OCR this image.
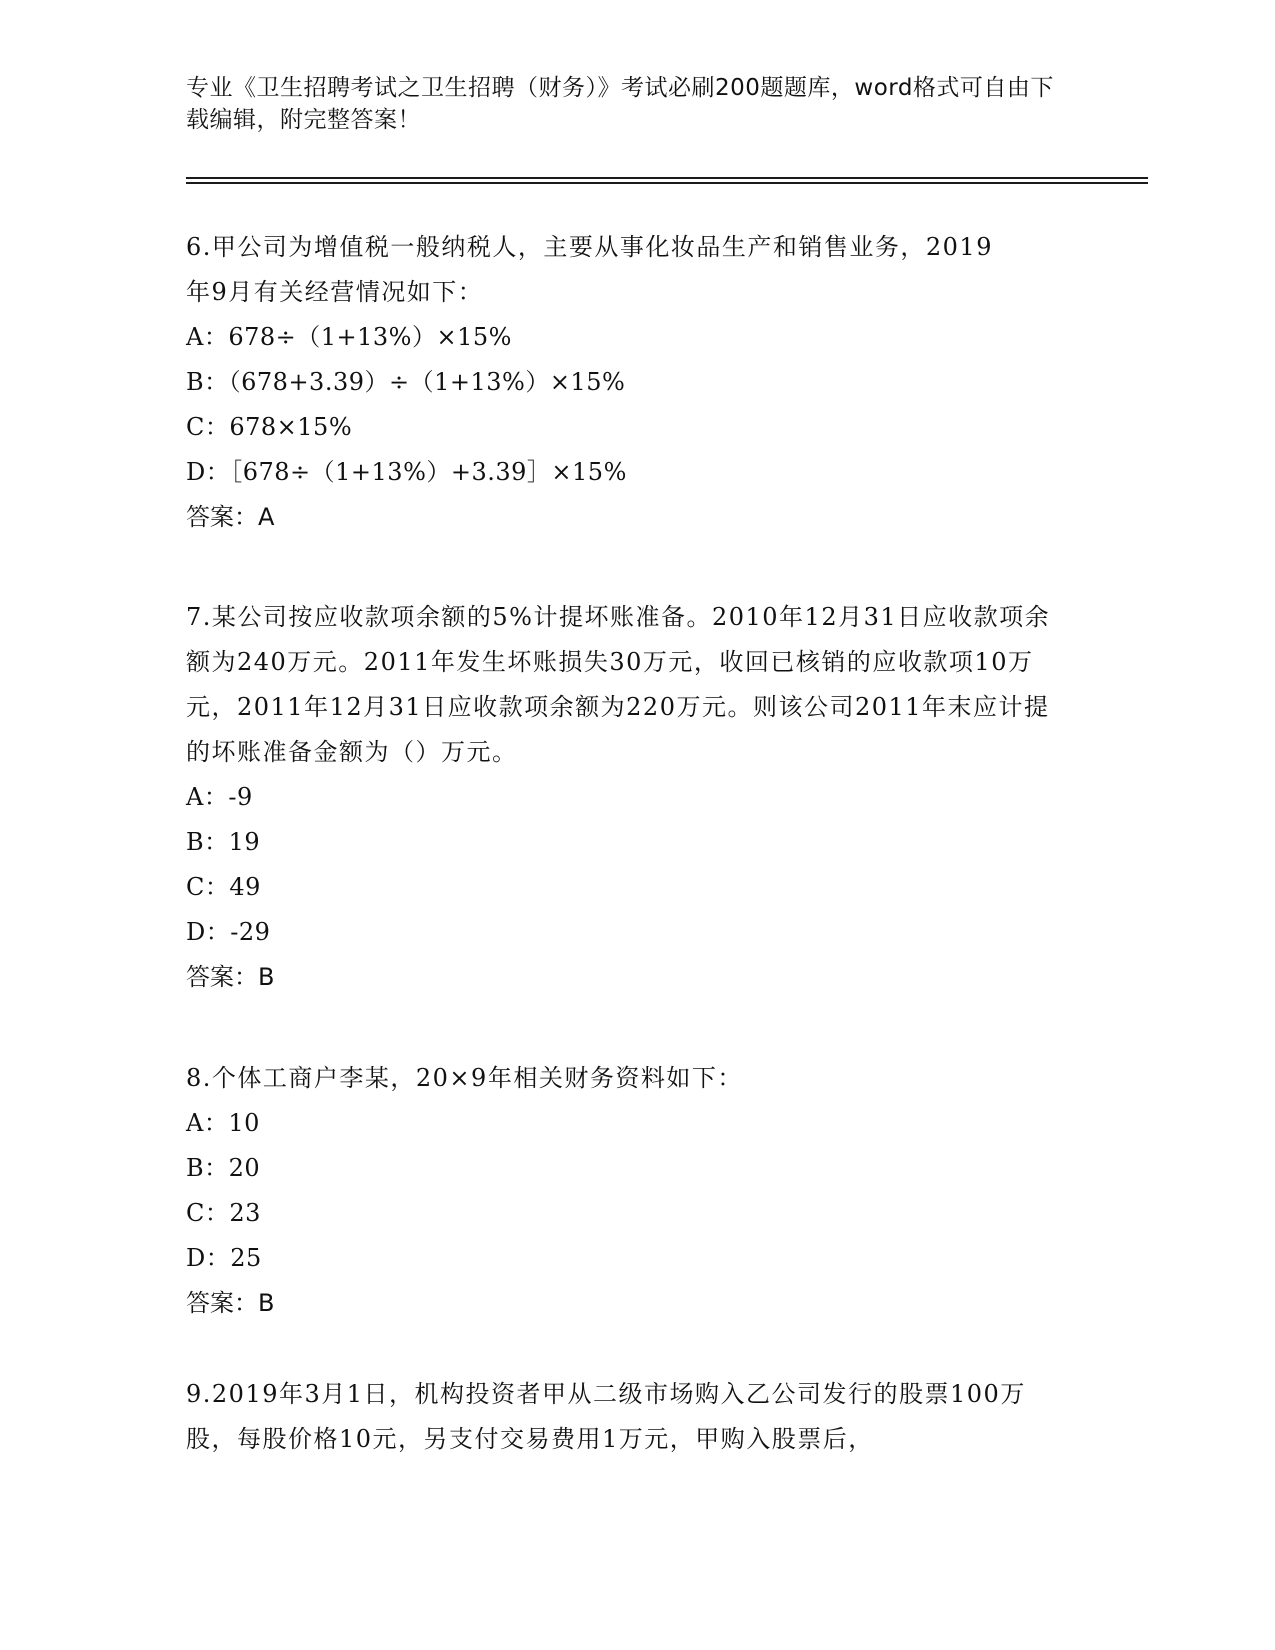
专业《卫生招聘考试之卫生招聘（财务）》考试必刷200题题库，word格式可自由下载编辑，附完整答案！
6.甲公司为增值税一般纳税人，主要从事化妆品生产和销售业务，2019年9月有关经营情况如下：
A：678÷（1+13%）×15%
B：（678+3.39）÷（1+13%）×15%
C：678×15%
D：［678÷（1+13%）+3.39］×15%
答案：A
7.某公司按应收款项余额的5%计提坏账准备。2010年12月31日应收款项余额为240万元。2011年发生坏账损失30万元，收回已核销的应收款项10万元，2011年12月31日应收款项余额为220万元。则该公司2011年末应计提的坏账准备金额为（）万元。
A：-9
B：19
C：49
D：-29
答案：B
8.个体工商户李某，20×9年相关财务资料如下：
A：10
B：20
C：23
D：25
答案：B
9.2019年3月1日，机构投资者甲从二级市场购入乙公司发行的股票100万股，每股价格10元，另支付交易费用1万元，甲购入股票后，
